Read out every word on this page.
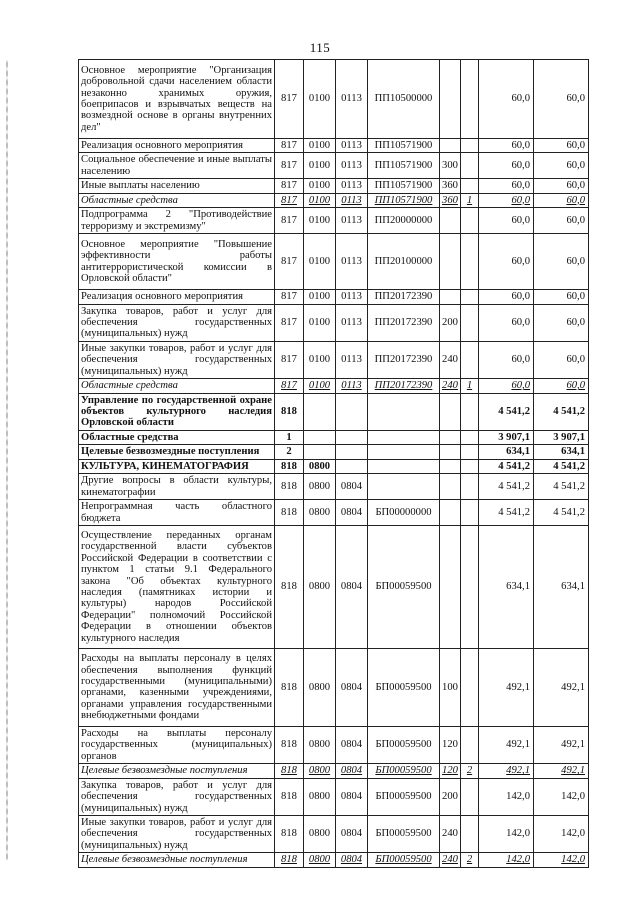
115
Основное мероприятие "Организация добровольной сдачи населением области незаконно хранимых оружия, боеприпасов и взрывчатых веществ на возмездной основе в органы внутренних дел"	817	0100	0113	ПП10500000			60,0	60,0
Реализация основного мероприятия	817	0100	0113	ПП10571900			60,0	60,0
Социальное обеспечение и иные выплаты населению	817	0100	0113	ПП10571900	300		60,0	60,0
Иные выплаты населению	817	0100	0113	ПП10571900	360		60,0	60,0
Областные средства	817	0100	0113	ПП10571900	360	1	60,0	60,0
Подпрограмма 2 "Противодействие терроризму и экстремизму"	817	0100	0113	ПП20000000			60,0	60,0
Основное мероприятие "Повышение эффективности работы антитеррористической комиссии в Орловской области"	817	0100	0113	ПП20100000			60,0	60,0
Реализация основного мероприятия	817	0100	0113	ПП20172390			60,0	60,0
Закупка товаров, работ и услуг для обеспечения государственных (муниципальных) нужд	817	0100	0113	ПП20172390	200		60,0	60,0
Иные закупки товаров, работ и услуг для обеспечения государственных (муниципальных) нужд	817	0100	0113	ПП20172390	240		60,0	60,0
Областные средства	817	0100	0113	ПП20172390	240	1	60,0	60,0
Управление по государственной охране объектов культурного наследия Орловской области	818						4 541,2	4 541,2
Областные средства	1						3 907,1	3 907,1
Целевые безвозмездные поступления	2						634,1	634,1
КУЛЬТУРА, КИНЕМАТОГРАФИЯ	818	0800					4 541,2	4 541,2
Другие вопросы в области культуры, кинематографии	818	0800	0804				4 541,2	4 541,2
Непрограммная часть областного бюджета	818	0800	0804	БП00000000			4 541,2	4 541,2
Осуществление переданных органам государственной власти субъектов Российской Федерации в соответствии с пунктом 1 статьи 9.1 Федерального закона "Об объектах культурного наследия (памятниках истории и культуры) народов Российской Федерации" полномочий Российской Федерации в отношении объектов культурного наследия	818	0800	0804	БП00059500			634,1	634,1
Расходы на выплаты персоналу в целях обеспечения выполнения функций государственными (муниципальными) органами, казенными учреждениями, органами управления государственными внебюджетными фондами	818	0800	0804	БП00059500	100		492,1	492,1
Расходы на выплаты персоналу государственных (муниципальных) органов	818	0800	0804	БП00059500	120		492,1	492,1
Целевые безвозмездные поступления	818	0800	0804	БП00059500	120	2	492,1	492,1
Закупка товаров, работ и услуг для обеспечения государственных (муниципальных) нужд	818	0800	0804	БП00059500	200		142,0	142,0
Иные закупки товаров, работ и услуг для обеспечения государственных (муниципальных) нужд	818	0800	0804	БП00059500	240		142,0	142,0
Целевые безвозмездные поступления	818	0800	0804	БП00059500	240	2	142,0	142,0
